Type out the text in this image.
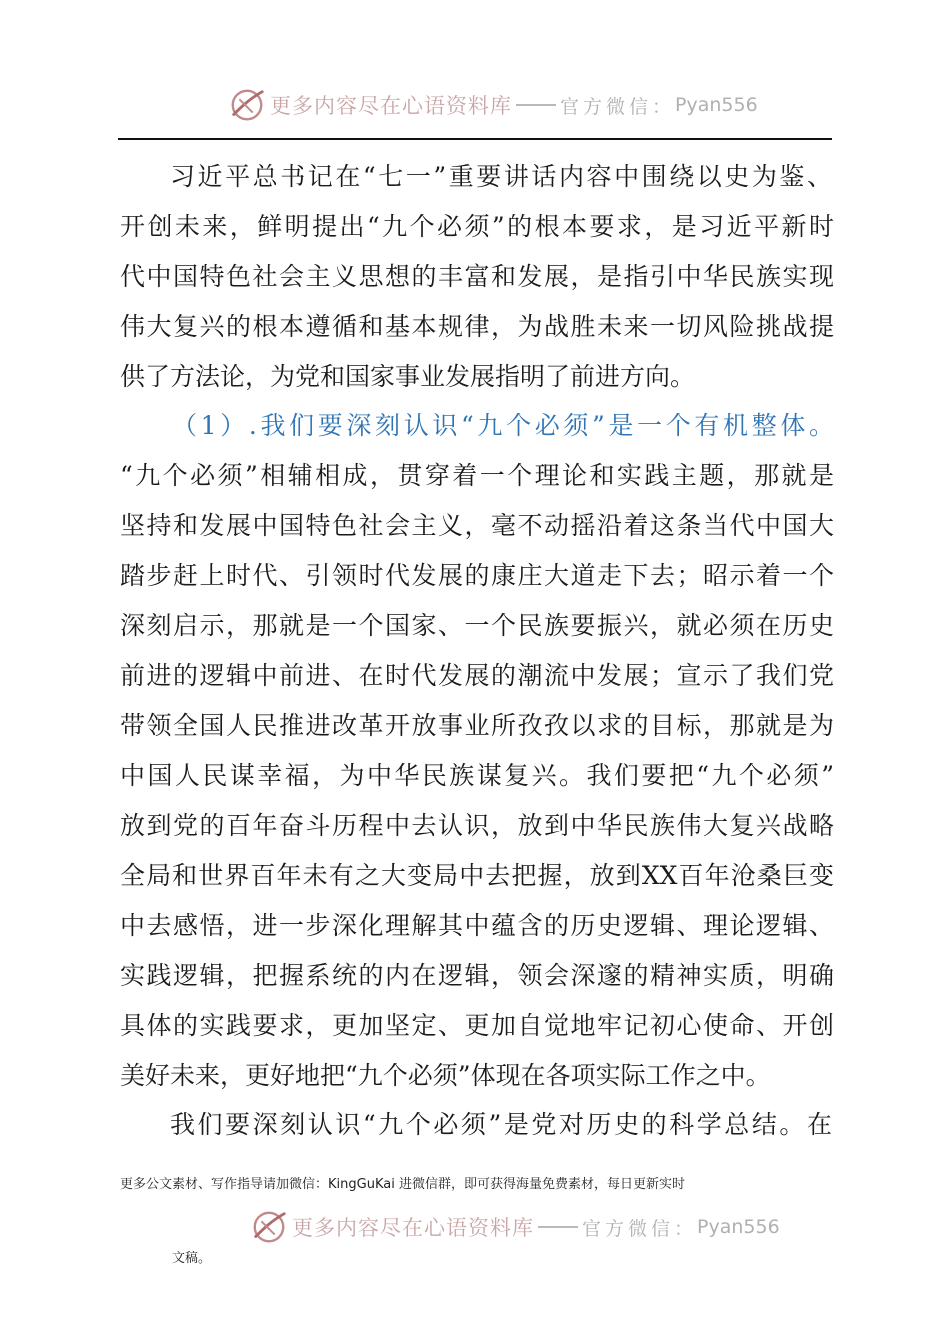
更多内容尽在心语资料库	官方微信： Pyan556
习近平总书记在“七一”重要讲话内容中围绕以史为鉴、
开创未来，鲜明提出“九个必须”的根本要求，是习近平新时
代中国特色社会主义思想的丰富和发展，是指引中华民族实现
伟大复兴的根本遵循和基本规律，为战胜未来一切风险挑战提
供了方法论，为党和国家事业发展指明了前进方向。
（1）.我们要深刻认识“九个必须”是一个有机整体。
“九个必须”相辅相成，贯穿着一个理论和实践主题，那就是
坚持和发展中国特色社会主义，毫不动摇沿着这条当代中国大
踏步赶上时代、引领时代发展的康庄大道走下去；昭示着一个
深刻启示，那就是一个国家、一个民族要振兴，就必须在历史
前进的逻辑中前进、在时代发展的潮流中发展；宣示了我们党
带领全国人民推进改革开放事业所孜孜以求的目标，那就是为
中国人民谋幸福，为中华民族谋复兴。我们要把“九个必须”
放到党的百年奋斗历程中去认识，放到中华民族伟大复兴战略
全局和世界百年未有之大变局中去把握，放到XX百年沧桑巨变
中去感悟，进一步深化理解其中蕴含的历史逻辑、理论逻辑、
实践逻辑，把握系统的内在逻辑，领会深邃的精神实质，明确
具体的实践要求，更加坚定、更加自觉地牢记初心使命、开创
美好未来，更好地把“九个必须”体现在各项实际工作之中。
我们要深刻认识“九个必须”是党对历史的科学总结。在
更多公文素材、写作指导请加微信：KingGuKai 进微信群，即可获得海量免费素材，每日更新实时
更多内容尽在心语资料库	官方微信： Pyan556
文稿。
